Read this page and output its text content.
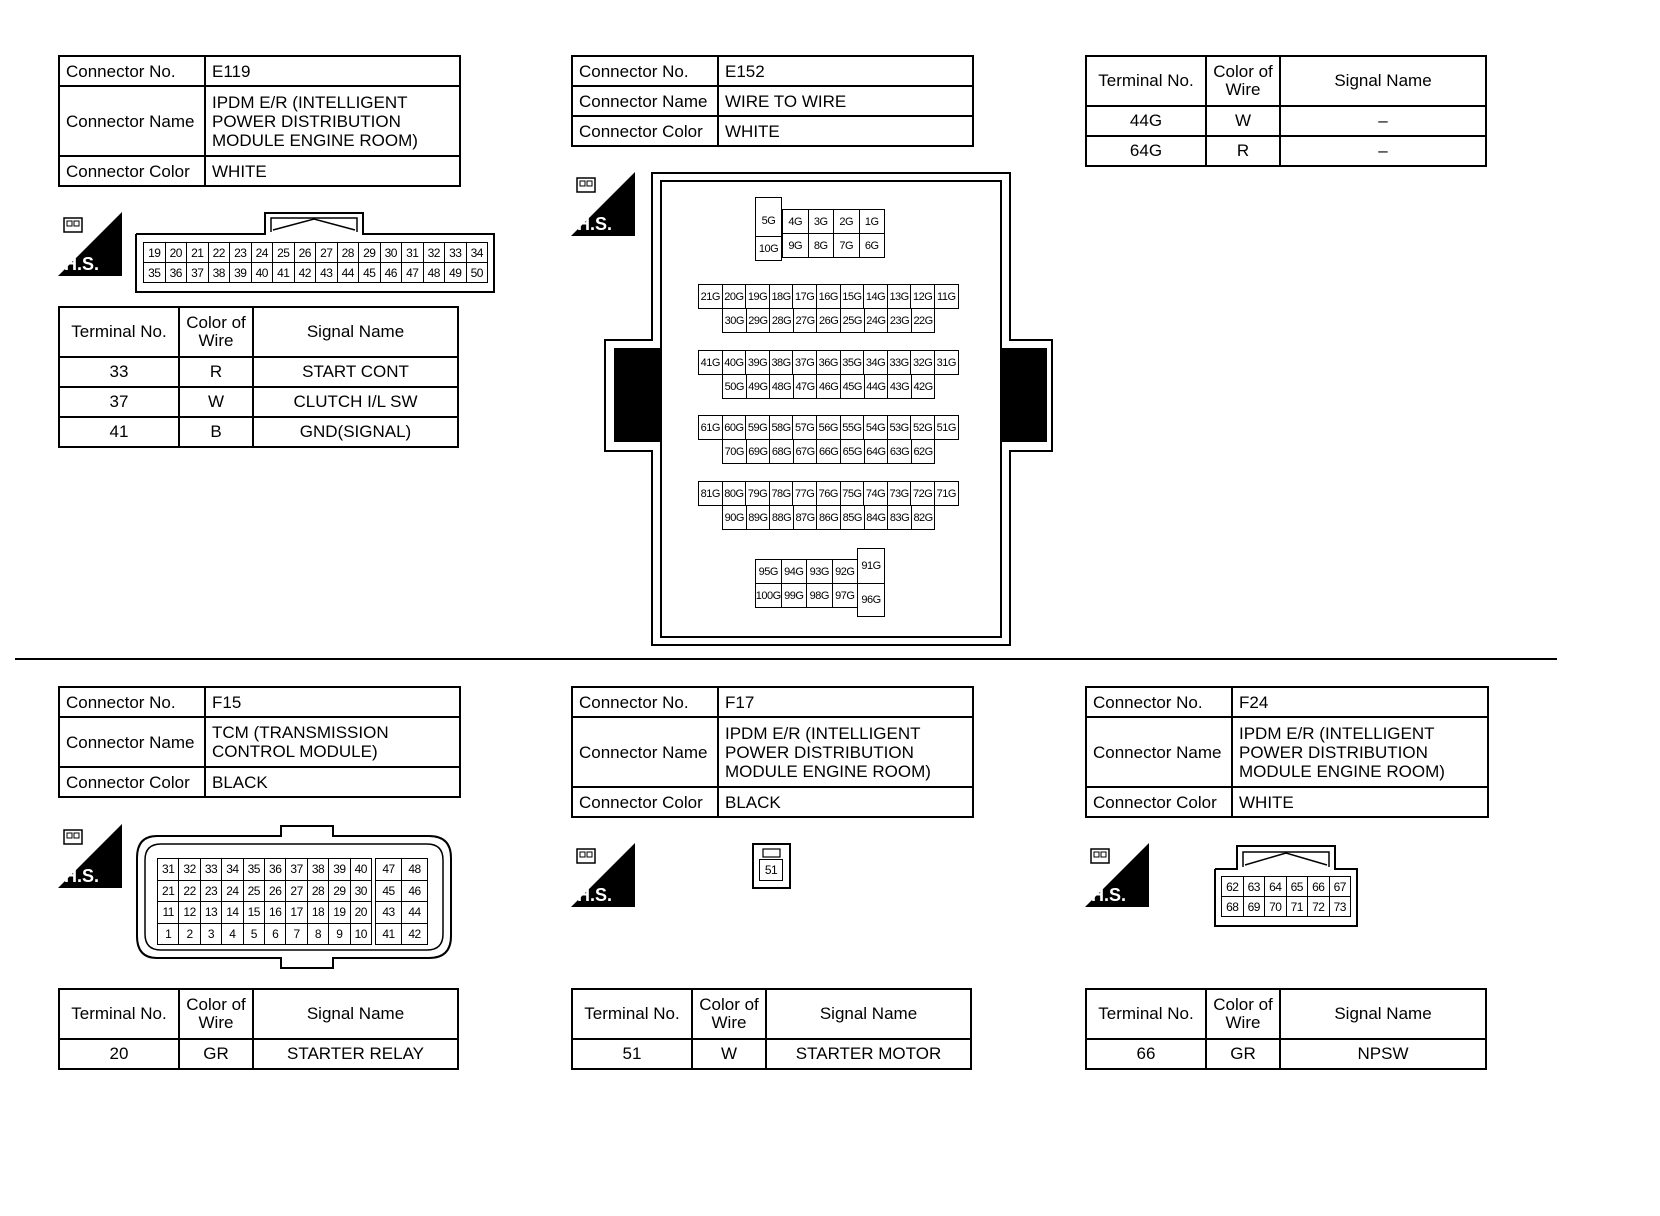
Connector No.	E119
Connector Name	IPDM E/R (INTELLIGENT POWER DISTRIBUTION MODULE ENGINE ROOM)
Connector Color	WHITE
H.S.
19 20 21 22 23 24 25 26 27 28 29 30 31 32 33 34
35 36 37 38 39 40 41 42 43 44 45 46 47 48 49 50
Terminal No.	Color of Wire	Signal Name
33	R	START CONT
37	W	CLUTCH I/L SW
41	B	GND(SIGNAL)
Connector No.	E152
Connector Name	WIRE TO WIRE
Connector Color	WHITE
H.S.	5G	4G	3G	2G	1G
10G 9G	8G	7G	6G
21G 20G 19G 18G 17G 16G 15G 14G 13G 12G 11G
30G 29G 28G 27G 26G 25G 24G 23G 22G
41G 40G 39G 38G 37G 36G 35G 34G 33G 32G 31G
50G 49G 48G 47G 46G 45G 44G 43G 42G
61G 60G 59G 58G 57G 56G 55G 54G 53G 52G 51G
70G 69G 68G 67G 66G 65G 64G 63G 62G
81G 80G 79G 78G 77G 76G 75G 74G 73G 72G 71G
90G 89G 88G 87G 86G 85G 84G 83G 82G
95G 94G 93G 92G
100G 99G 98G 97G
91G
96G
Terminal No.	Color of Wire	Signal Name
44G	W	–
64G	R	–
Connector No.	F15
Connector Name	TCM (TRANSMISSION CONTROL MODULE)
Connector Color	BLACK
H.S.	31 32 33 34 35 36 37 38 39 40	47	48
21 22 23 24 25 26 27 28 29 30	45	46
11 12 13 14 15 16 17 18 19 20	43	44
1	2	3	4	5	6	7	8	9	10	41	42
Terminal No.	Color of Wire	Signal Name
20	GR	STARTER RELAY
Connector No.	F17
Connector Name	IPDM E/R (INTELLIGENT POWER DISTRIBUTION MODULE ENGINE ROOM)
Connector Color	BLACK
H.S.
51
Terminal No.	Color of Wire	Signal Name
51	W	STARTER MOTOR
Connector No.	F24
Connector Name	IPDM E/R (INTELLIGENT POWER DISTRIBUTION MODULE ENGINE ROOM)
Connector Color	WHITE
H.S.	62 63 64 65 66 67
68 69 70 71 72 73
Terminal No.	Color of Wire	Signal Name
66	GR	NPSW
